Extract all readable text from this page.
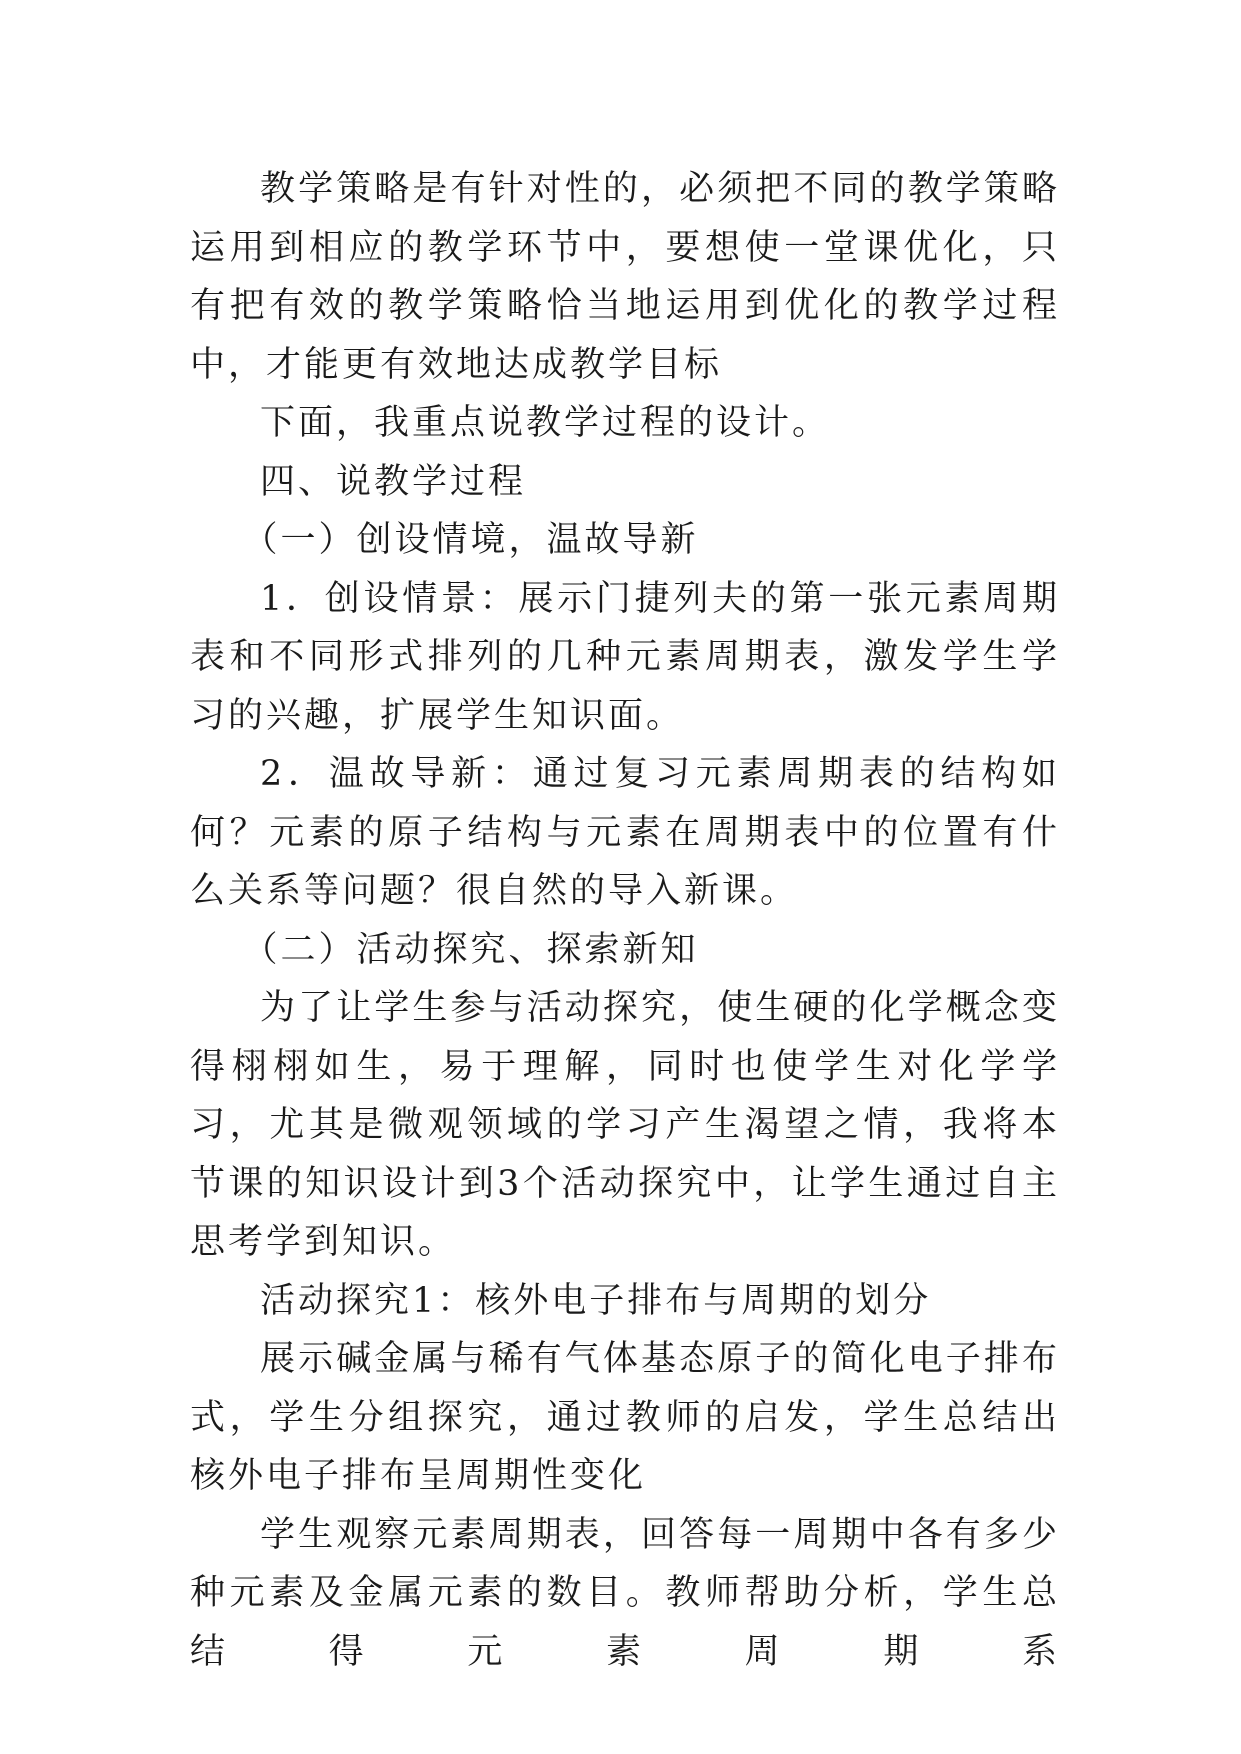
教学策略是有针对性的，必须把不同的教学策略运用到相应的教学环节中，要想使一堂课优化，只有把有效的教学策略恰当地运用到优化的教学过程中，才能更有效地达成教学目标

下面，我重点说教学过程的设计。

四、说教学过程

（一）创设情境，温故导新

1．创设情景：展示门捷列夫的第一张元素周期表和不同形式排列的几种元素周期表，激发学生学习的兴趣，扩展学生知识面。

2．温故导新：通过复习元素周期表的结构如何？元素的原子结构与元素在周期表中的位置有什么关系等问题？很自然的导入新课。

（二）活动探究、探索新知

为了让学生参与活动探究，使生硬的化学概念变得栩栩如生，易于理解，同时也使学生对化学学习，尤其是微观领域的学习产生渴望之情，我将本节课的知识设计到3个活动探究中，让学生通过自主思考学到知识。

活动探究1：核外电子排布与周期的划分

展示碱金属与稀有气体基态原子的简化电子排布式，学生分组探究，通过教师的启发，学生总结出核外电子排布呈周期性变化

学生观察元素周期表，回答每一周期中各有多少种元素及金属元素的数目。教师帮助分析，学生总结得元素周期系
